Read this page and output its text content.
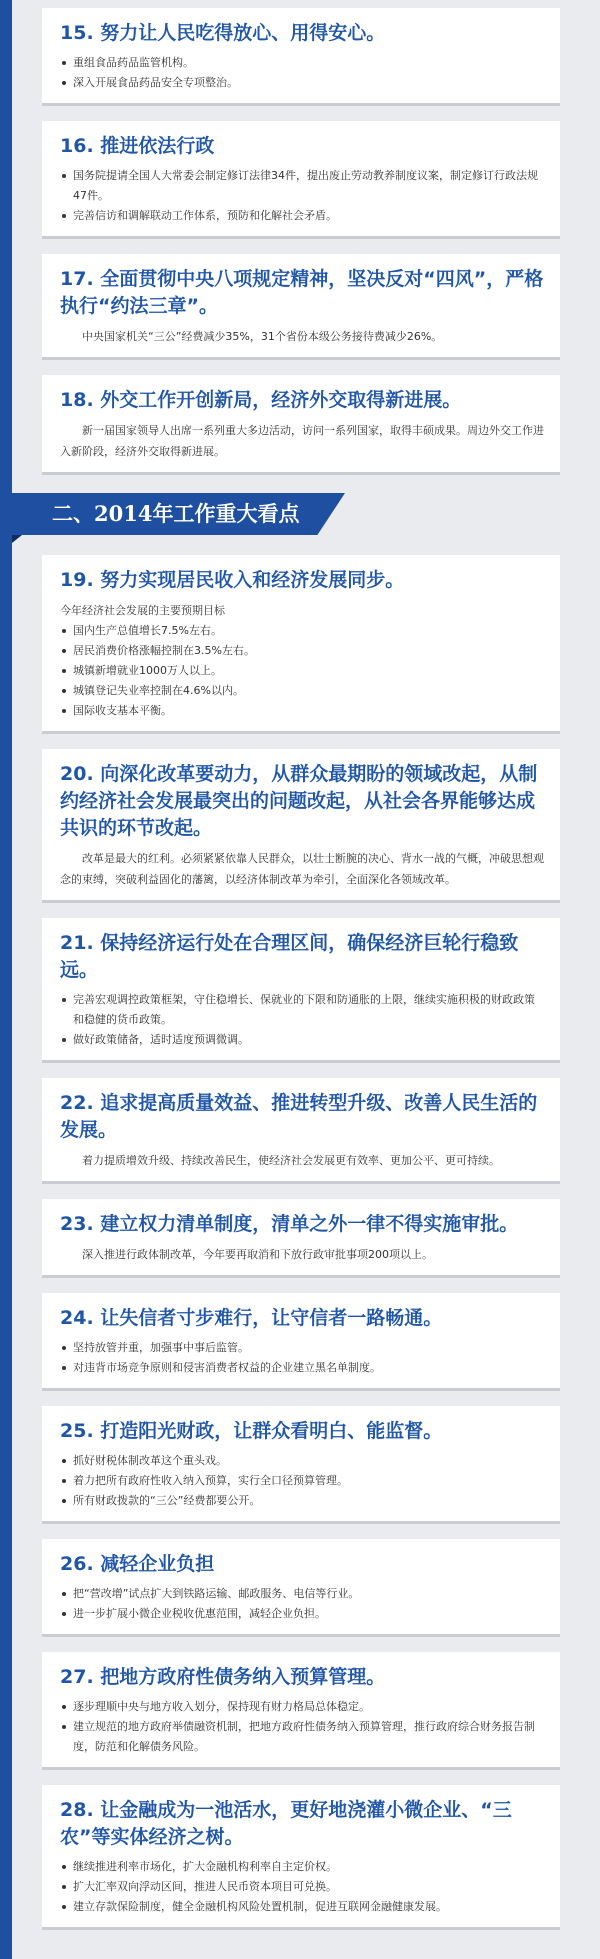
15. 努力让人民吃得放心、用得安心。
重组食品药品监管机构。
深入开展食品药品安全专项整治。
16. 推进依法行政
国务院提请全国人大常委会制定修订法律34件，提出废止劳动教养制度议案，制定修订行政法规47件。
完善信访和调解联动工作体系，预防和化解社会矛盾。
17. 全面贯彻中央八项规定精神，坚决反对“四风”，严格执行“约法三章”。

中央国家机关“三公”经费减少35%，31个省份本级公务接待费减少26%。

18. 外交工作开创新局，经济外交取得新进展。

新一届国家领导人出席一系列重大多边活动，访问一系列国家，取得丰硕成果。周边外交工作进入新阶段，经济外交取得新进展。

二、2014年工作重大看点
19. 努力实现居民收入和经济发展同步。

今年经济社会发展的主要预期目标

国内生产总值增长7.5%左右。
居民消费价格涨幅控制在3.5%左右。
城镇新增就业1000万人以上。
城镇登记失业率控制在4.6%以内。
国际收支基本平衡。
20. 向深化改革要动力，从群众最期盼的领域改起，从制约经济社会发展最突出的问题改起，从社会各界能够达成共识的环节改起。

改革是最大的红利。必须紧紧依靠人民群众，以壮士断腕的决心、背水一战的气概，冲破思想观念的束缚，突破利益固化的藩篱，以经济体制改革为牵引，全面深化各领域改革。

21. 保持经济运行处在合理区间，确保经济巨轮行稳致远。
完善宏观调控政策框架，守住稳增长、保就业的下限和防通胀的上限，继续实施积极的财政政策和稳健的货币政策。
做好政策储备，适时适度预调微调。
22. 追求提高质量效益、推进转型升级、改善人民生活的发展。

着力提质增效升级、持续改善民生，使经济社会发展更有效率、更加公平、更可持续。

23. 建立权力清单制度，清单之外一律不得实施审批。

深入推进行政体制改革，今年要再取消和下放行政审批事项200项以上。

24. 让失信者寸步难行，让守信者一路畅通。
坚持放管并重，加强事中事后监管。
对违背市场竞争原则和侵害消费者权益的企业建立黑名单制度。
25. 打造阳光财政，让群众看明白、能监督。
抓好财税体制改革这个重头戏。
着力把所有政府性收入纳入预算，实行全口径预算管理。
所有财政拨款的“三公”经费都要公开。
26. 减轻企业负担
把“营改增”试点扩大到铁路运输、邮政服务、电信等行业。
进一步扩展小微企业税收优惠范围，减轻企业负担。
27. 把地方政府性债务纳入预算管理。
逐步理顺中央与地方收入划分，保持现有财力格局总体稳定。
建立规范的地方政府举债融资机制，把地方政府性债务纳入预算管理，推行政府综合财务报告制度，防范和化解债务风险。
28. 让金融成为一池活水，更好地浇灌小微企业、“三农”等实体经济之树。
继续推进利率市场化，扩大金融机构利率自主定价权。
扩大汇率双向浮动区间，推进人民币资本项目可兑换。
建立存款保险制度，健全金融机构风险处置机制，促进互联网金融健康发展。
